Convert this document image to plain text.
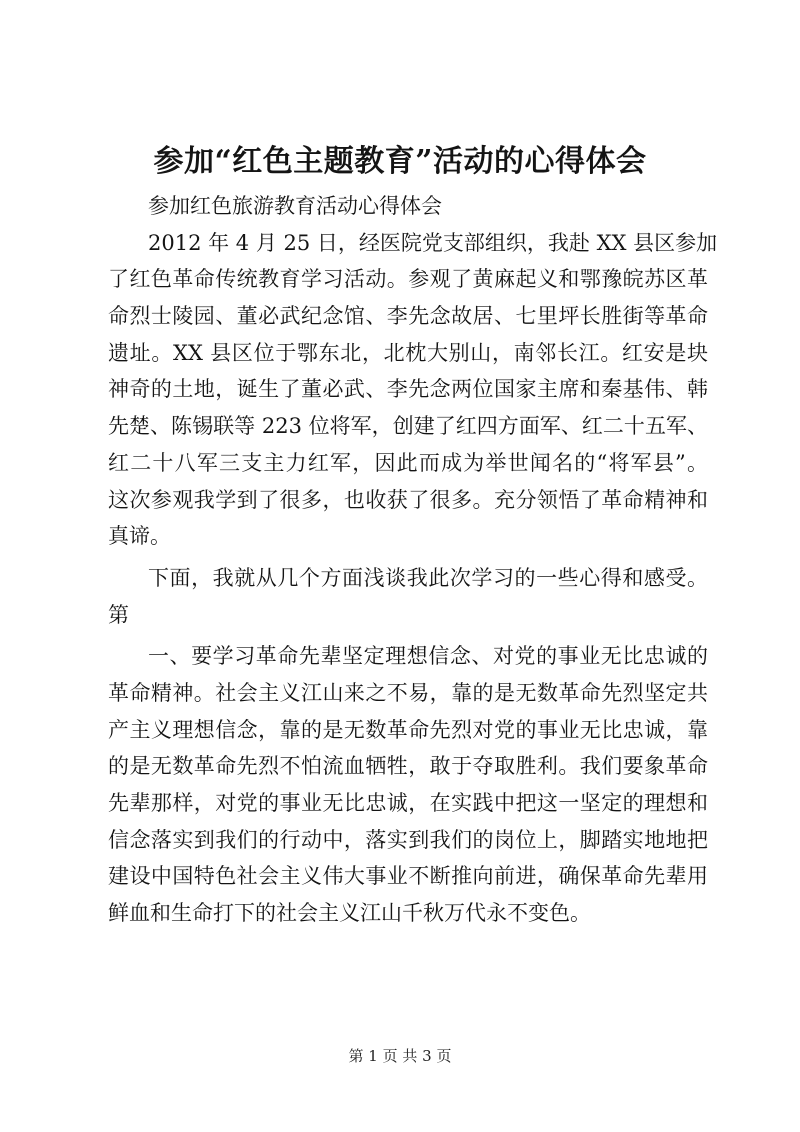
参加“红色主题教育”活动的心得体会
参加红色旅游教育活动心得体会
2012 年 4 月 25 日，经医院党支部组织，我赴 XX 县区参加
了红色革命传统教育学习活动。参观了黄麻起义和鄂豫皖苏区革
命烈士陵园、董必武纪念馆、李先念故居、七里坪长胜街等革命
遗址。XX 县区位于鄂东北，北枕大别山，南邻长江。红安是块
神奇的土地，诞生了董必武、李先念两位国家主席和秦基伟、韩
先楚、陈锡联等 223 位将军，创建了红四方面军、红二十五军、
红二十八军三支主力红军，因此而成为举世闻名的“将军县”。
这次参观我学到了很多，也收获了很多。充分领悟了革命精神和
真谛。
下面，我就从几个方面浅谈我此次学习的一些心得和感受。
第
一、要学习革命先辈坚定理想信念、对党的事业无比忠诚的
革命精神。社会主义江山来之不易，靠的是无数革命先烈坚定共
产主义理想信念，靠的是无数革命先烈对党的事业无比忠诚，靠
的是无数革命先烈不怕流血牺牲，敢于夺取胜利。我们要象革命
先辈那样，对党的事业无比忠诚，在实践中把这一坚定的理想和
信念落实到我们的行动中，落实到我们的岗位上，脚踏实地地把
建设中国特色社会主义伟大事业不断推向前进，确保革命先辈用
鲜血和生命打下的社会主义江山千秋万代永不变色。
第 1 页 共 3 页
